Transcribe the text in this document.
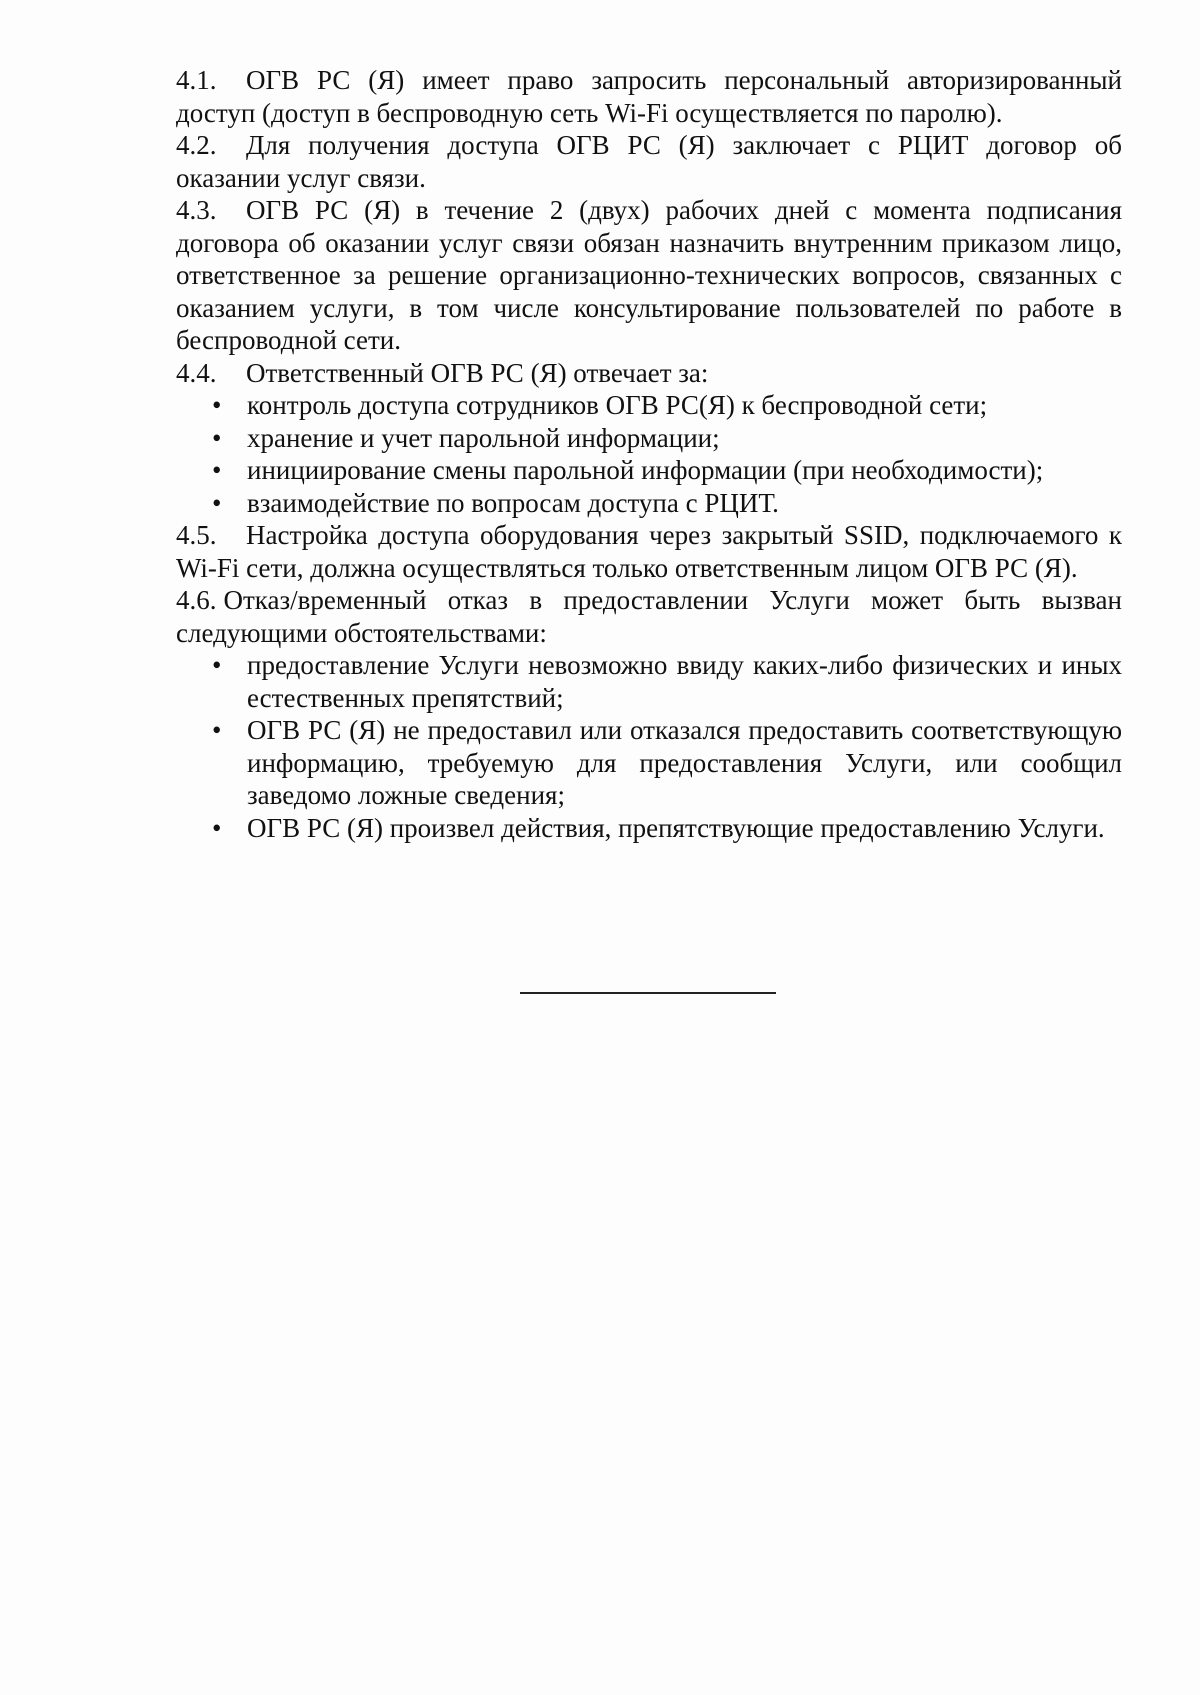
4.1. ОГВ РС (Я) имеет право запросить персональный авторизированный доступ (доступ в беспроводную сеть Wi-Fi осуществляется по паролю).

4.2. Для получения доступа ОГВ РС (Я) заключает с РЦИТ договор об оказании услуг связи.

4.3. ОГВ РС (Я) в течение 2 (двух) рабочих дней с момента подписания договора об оказании услуг связи обязан назначить внутренним приказом лицо, ответственное за решение организационно-технических вопросов, связанных с оказанием услуги, в том числе консультирование пользователей по работе в беспроводной сети.

4.4. Ответственный ОГВ РС (Я) отвечает за:

• контроль доступа сотрудников ОГВ РС(Я) к беспроводной сети;
• хранение и учет парольной информации;
• инициирование смены парольной информации (при необходимости);
• взаимодействие по вопросам доступа с РЦИТ.

4.5. Настройка доступа оборудования через закрытый SSID, подключаемого к Wi-Fi сети, должна осуществляться только ответственным лицом ОГВ РС (Я).

4.6. Отказ/временный отказ в предоставлении Услуги может быть вызван следующими обстоятельствами:

• предоставление Услуги невозможно ввиду каких-либо физических и иных естественных препятствий;
• ОГВ РС (Я) не предоставил или отказался предоставить соответствующую информацию, требуемую для предоставления Услуги, или сообщил заведомо ложные сведения;
• ОГВ РС (Я) произвел действия, препятствующие предоставлению Услуги.
